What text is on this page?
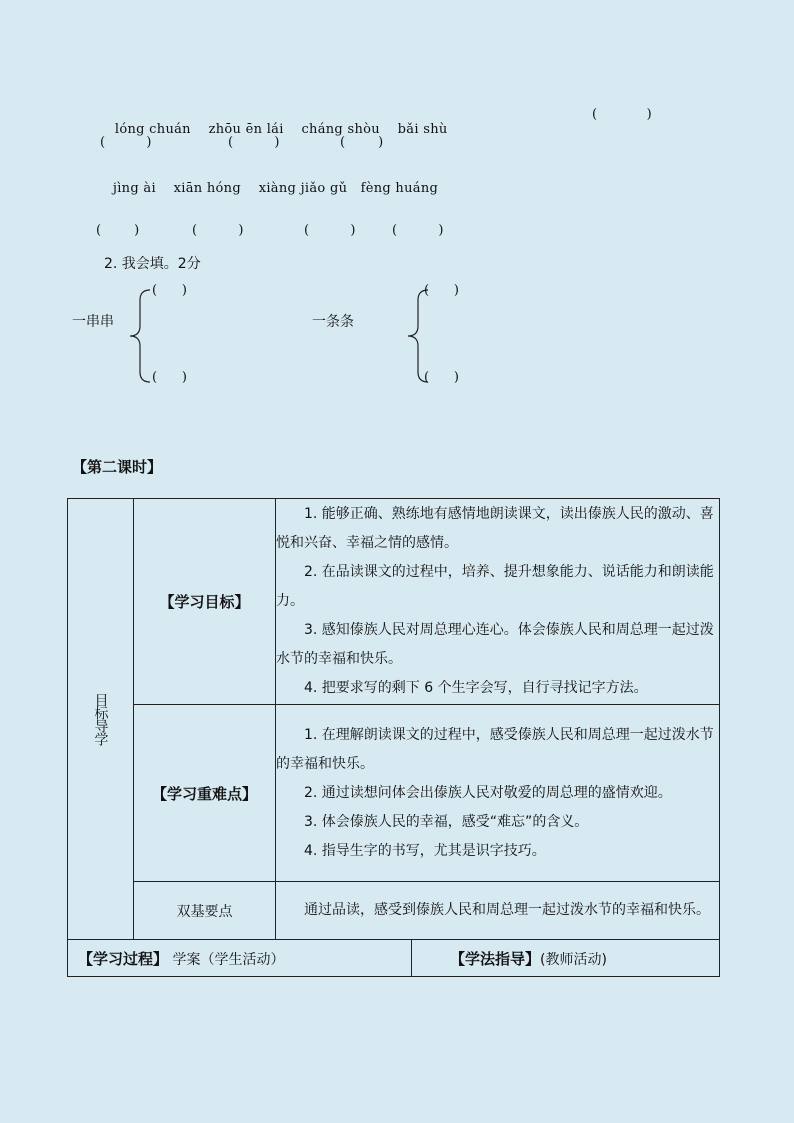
lóng chuán zhōu ēn lái cháng shòu bǎi shù

(            )
(          )	(          )	(        )

jìng ài xiān hóng xiàng jiǎo gǔ fèng huáng

(        )	(          )	(          )	(          )
2. 我会填。2分
一串串
(      )
(      )
一条条
(      )
(      )
【第二课时】
目标导学	【学习目标】	1. 能够正确、熟练地有感情地朗读课文，读出傣族人民的激动、喜悦和兴奋、幸福之情的感情。

2. 在品读课文的过程中，培养、提升想象能力、说话能力和朗读能力。

3. 感知傣族人民对周总理心连心。体会傣族人民和周总理一起过泼水节的幸福和快乐。

4. 把要求写的剩下 6 个生字会写，自行寻找记字方法。	

	【学习重难点】	1. 在理解朗读课文的过程中，感受傣族人民和周总理一起过泼水节的幸福和快乐。

2. 通过读想问体会出傣族人民对敬爱的周总理的盛情欢迎。

3. 体会傣族人民的幸福，感受“难忘”的含义。

4. 指导生字的书写，尤其是识字技巧。	

	双基要点	通过品读，感受到傣族人民和周总理一起过泼水节的幸福和快乐。	

【学习过程】 学案（学生活动）			【学法指导】(教师活动)
